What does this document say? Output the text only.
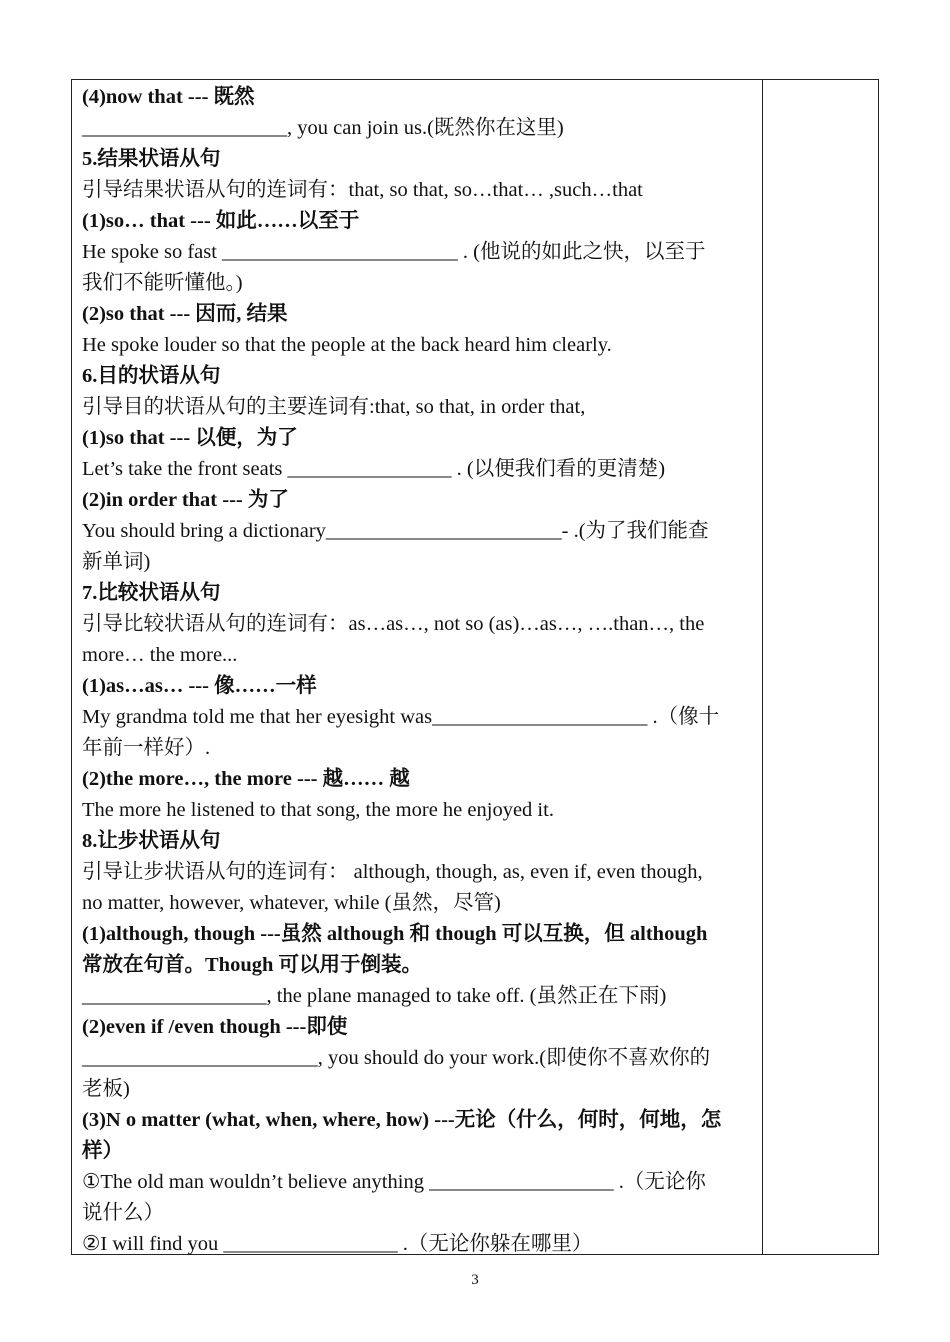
(4)now that --- 既然
____________________, you can join us.(既然你在这里)
5.结果状语从句
引导结果状语从句的连词有：that, so that, so…that… ,such…that
(1)so… that --- 如此……以至于
He spoke so fast _______________________ . (他说的如此之快，以至于
我们不能听懂他。)
(2)so that --- 因而, 结果
He spoke louder so that the people at the back heard him clearly.
6.目的状语从句
引导目的状语从句的主要连词有:that, so that, in order that,
(1)so that --- 以便，为了
Let’s take the front seats ________________ . (以便我们看的更清楚)
(2)in order that --- 为了
You should bring a dictionary_______________________- .(为了我们能查
新单词)
7.比较状语从句
引导比较状语从句的连词有：as…as…, not so (as)…as…, ….than…, the
more… the more...
(1)as…as… --- 像……一样
My grandma told me that her eyesight was_____________________ .（像十
年前一样好）.
(2)the more…, the more --- 越…… 越
The more he listened to that song, the more he enjoyed it.
8.让步状语从句
引导让步状语从句的连词有： although, though, as, even if, even though,
no matter, however, whatever, while (虽然，尽管)
(1)although, though ---虽然 although 和 though 可以互换，但 although
常放在句首。Though 可以用于倒装。
__________________, the plane managed to take off. (虽然正在下雨)
(2)even if /even though ---即使
_______________________, you should do your work.(即使你不喜欢你的
老板)
(3)N o matter (what, when, where, how) ---无论（什么，何时，何地，怎
样）
①The old man wouldn’t believe anything __________________ .（无论你
说什么）
②I will find you _________________ .（无论你躲在哪里）
3
